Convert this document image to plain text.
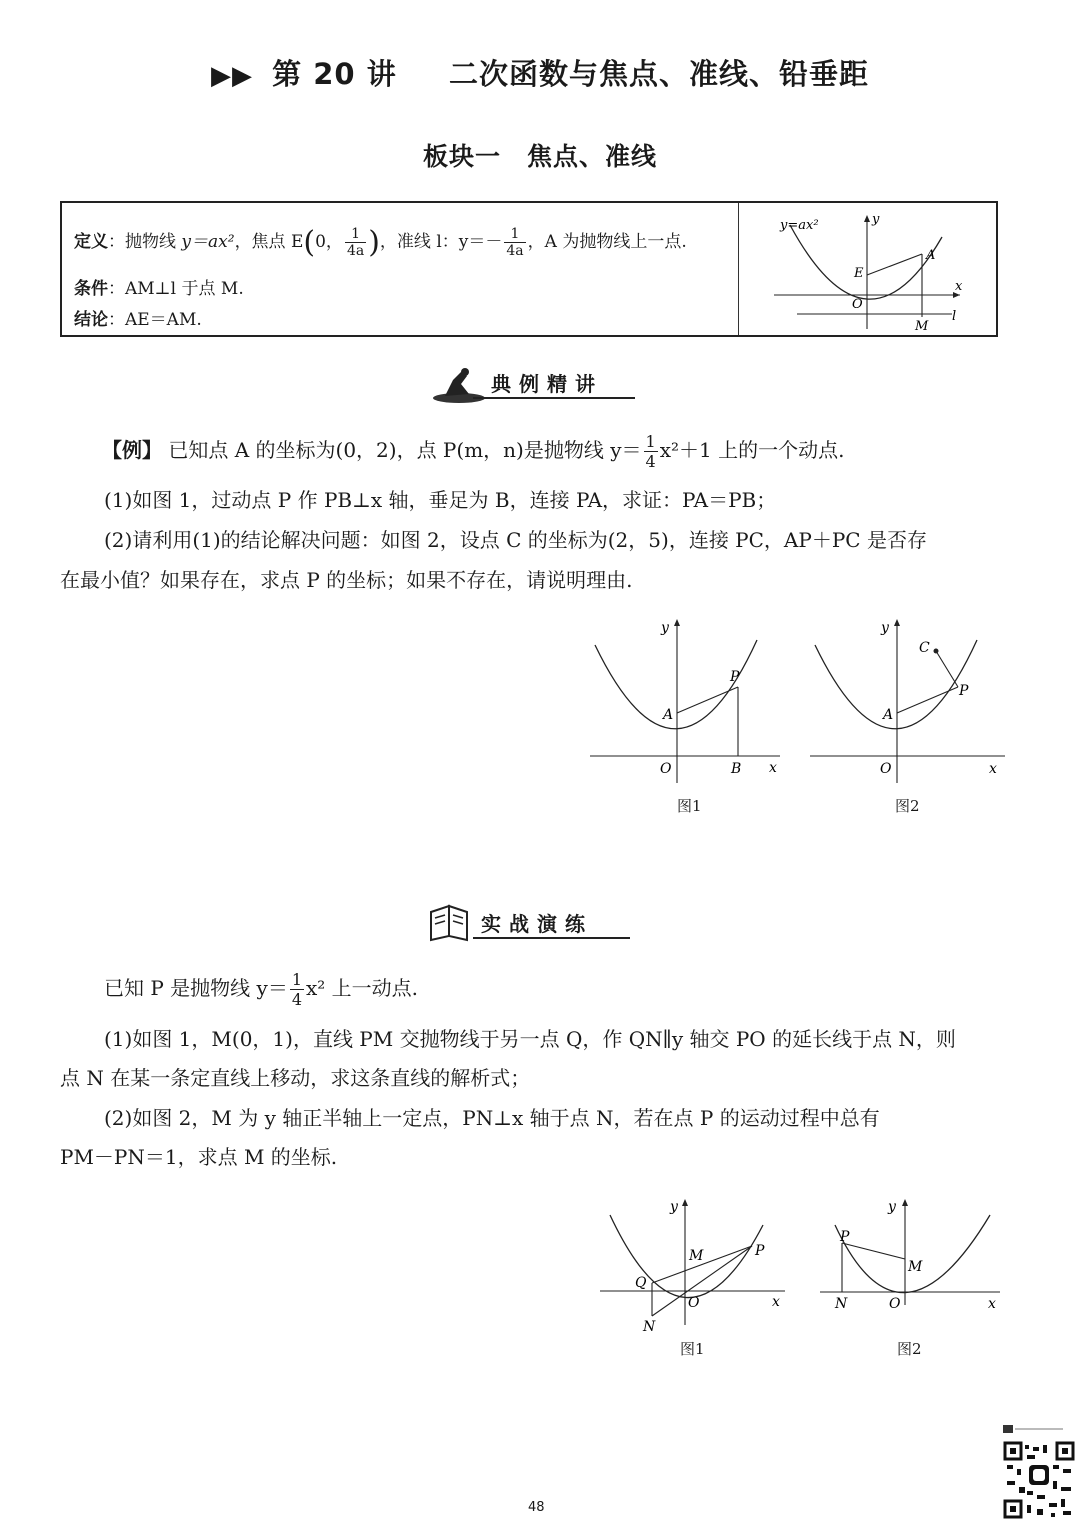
▶▶ 第 20 讲 二次函数与焦点、准线、铅垂距
板块一　焦点、准线
定义：抛物线 y＝ax²，焦点 E(0， $\frac{1}{4a}$ )，准线 l：$y=- \frac{1}{4a}$ ，A 为抛物线上一点.
条件：AM⊥l 于点 M.
结论：AE＝AM.
y=ax²	y
x
A
E
O
M
l
典例精讲
【例】 已知点 A 的坐标为(0，2)，点 P(m，n)是抛物线 $y= \frac{1}{4} x^2+1$ 上的一个动点.
(1)如图 1，过动点 P 作 PB⊥x 轴，垂足为 B，连接 PA，求证：PA＝PB；
(2)请利用(1)的结论解决问题：如图 2，设点 C 的坐标为(2，5)，连接 PC，AP＋PC 是否存
在最小值？如果存在，求点 P 的坐标；如果不存在，请说明理由.
y
x
O
A
P
B
图1
y
x
O
A
P
C
图2
实战演练
已知 P 是抛物线 $y= \frac{1}{4} x^2$ 上一动点.
(1)如图 1，M(0，1)，直线 PM 交抛物线于另一点 Q，作 QN∥y 轴交 PO 的延长线于点 N，则
点 N 在某一条定直线上移动，求这条直线的解析式；
(2)如图 2，M 为 y 轴正半轴上一定点，PN⊥x 轴于点 N，若在点 P 的运动过程中总有
PM－PN＝1，求点 M 的坐标.
y
x
O
M	P
Q
N
图1
y
x
O
M
P
N
图2
48
